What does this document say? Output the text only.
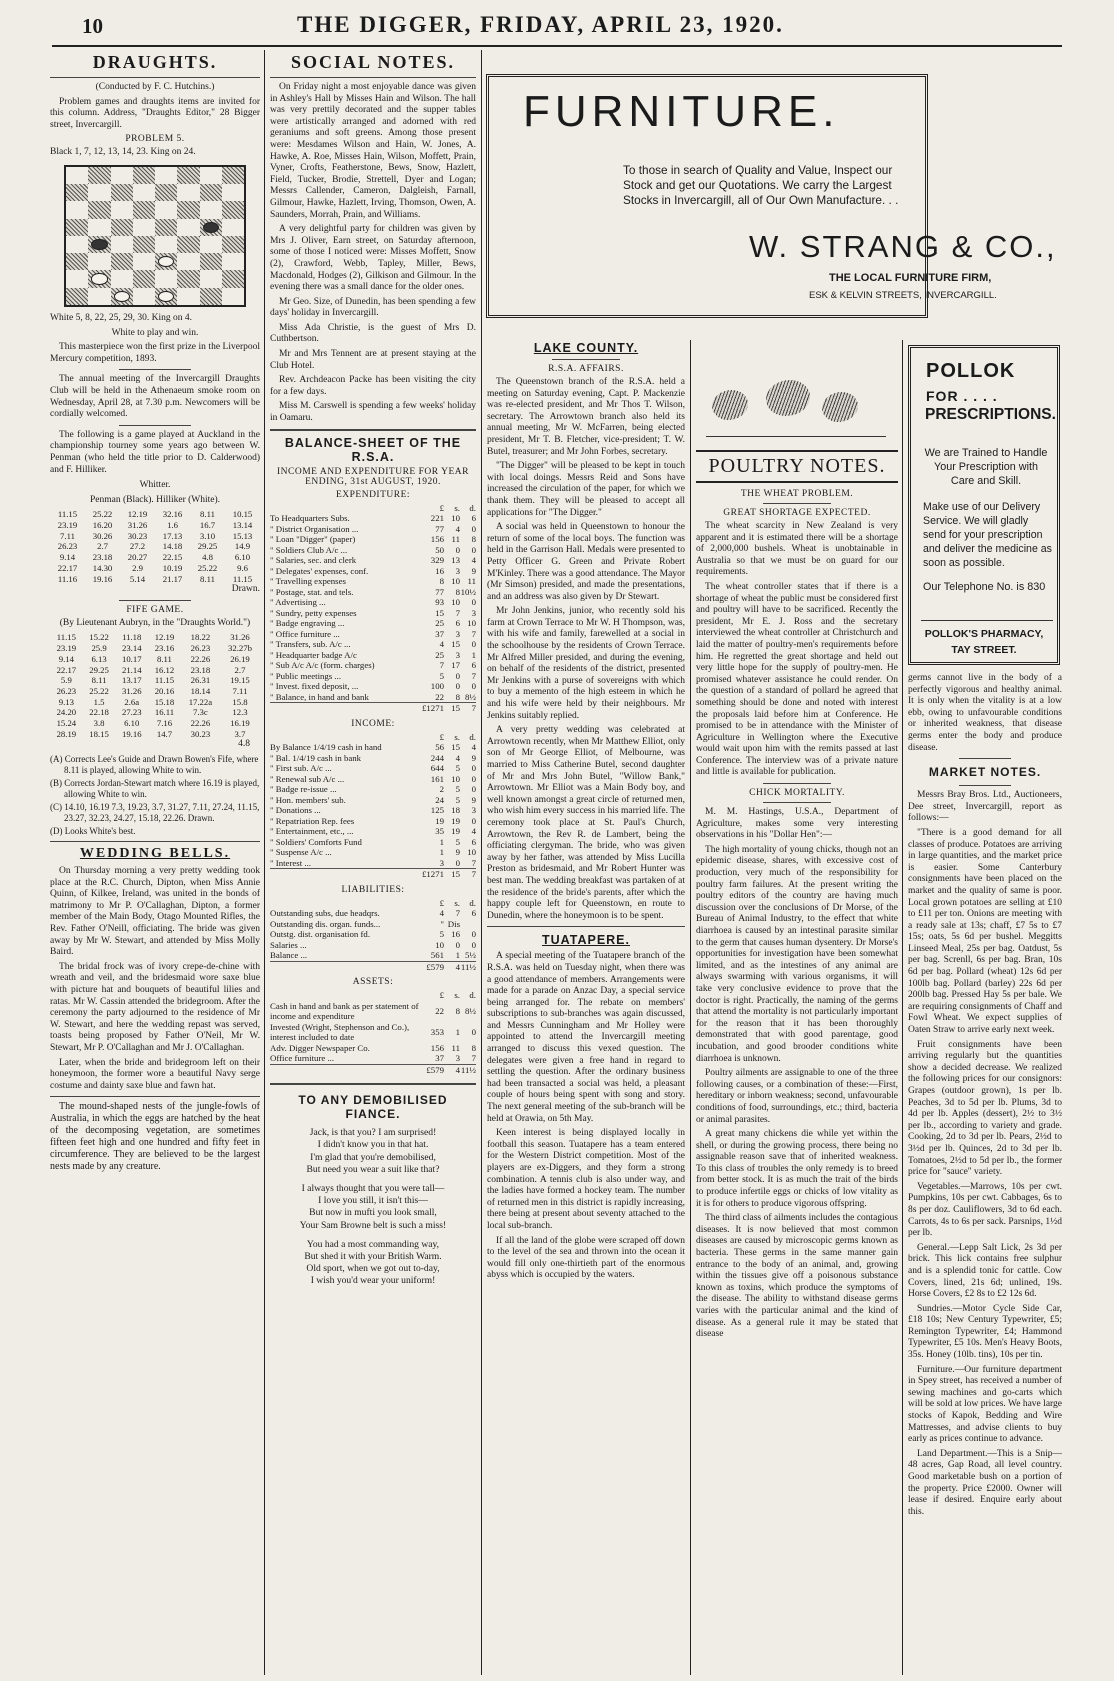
10	THE DIGGER, FRIDAY, APRIL 23, 1920.
DRAUGHTS.
(Conducted by F. C. Hutchins.)
Problem games and draughts items are invited for this column. Address, "Draughts Editor," 28 Bigger street, Invercargill.
PROBLEM 5.
Black 1, 7, 12, 13, 14, 23. King on 24.
White 5, 8, 22, 25, 29, 30. King on 4.
White to play and win.
This masterpiece won the first prize in the Liverpool Mercury competition, 1893.
The annual meeting of the Invercargill Draughts Club will be held in the Athenaeum smoke room on Wednesday, April 28, at 7.30 p.m. Newcomers will be cordially welcomed.
The following is a game played at Auckland in the championship tourney some years ago between W. Penman (who held the title prior to D. Calderwood) and F. Hilliker.
Whitter.
Penman (Black). Hilliker (White).
11.15	25.22	12.19	32.16	8.11	10.15
23.19	16.20	31.26	1.6	16.7	13.14
7.11	30.26	30.23	17.13	3.10	15.13
26.23	2.7	27.2	14.18	29.25	14.9
9.14	23.18	20.27	22.15	4.8	6.10
22.17	14.30	2.9	10.19	25.22	9.6
11.16	19.16	5.14	21.17	8.11	11.15
Drawn.
FIFE GAME.
(By Lieutenant Aubryn, in the "Draughts World.")
11.15	15.22	11.18	12.19	18.22	31.26
23.19	25.9	23.14	23.16	26.23	32.27b
9.14	6.13	10.17	8.11	22.26	26.19
22.17	29.25	21.14	16.12	23.18	2.7
5.9	8.11	13.17	11.15	26.31	19.15
26.23	25.22	31.26	20.16	18.14	7.11
9.13	1.5	2.6a	15.18	17.22a	15.8
24.20	22.18	27.23	16.11	7.3c	12.3
15.24	3.8	6.10	7.16	22.26	16.19
28.19	18.15	19.16	14.7	30.23	3.7
4.8
(A) Corrects Lee's Guide and Drawn Bowen's Fife, where 8.11 is played, allowing White to win.
(B) Corrects Jordan-Stewart match where 16.19 is played, allowing White to win.
(C) 14.10, 16.19 7.3, 19.23, 3.7, 31.27, 7.11, 27.24, 11.15, 23.27, 32.23, 24.27, 15.18, 22.26. Drawn.
(D) Looks White's best.
WEDDING BELLS.
On Thursday morning a very pretty wedding took place at the R.C. Church, Dipton, when Miss Annie Quinn, of Kilkee, Ireland, was united in the bonds of matrimony to Mr P. O'Callaghan, Dipton, a former member of the Main Body, Otago Mounted Rifles, the Rev. Father O'Neill, officiating. The bride was given away by Mr W. Stewart, and attended by Miss Molly Baird.
The bridal frock was of ivory crepe-de-chine with wreath and veil, and the bridesmaid wore saxe blue with picture hat and bouquets of beautiful lilies and ratas. Mr W. Cassin attended the bridegroom. After the ceremony the party adjourned to the residence of Mr W. Stewart, and here the wedding repast was served, toasts being proposed by Father O'Neil, Mr W. Stewart, Mr P. O'Callaghan and Mr J. O'Callaghan.
Later, when the bride and bridegroom left on their honeymoon, the former wore a beautiful Navy serge costume and dainty saxe blue and fawn hat.
The mound-shaped nests of the jungle-fowls of Australia, in which the eggs are hatched by the heat of the decomposing vegetation, are sometimes fifteen feet high and one hundred and fifty feet in circumference. They are believed to be the largest nests made by any creature.
SOCIAL NOTES.
On Friday night a most enjoyable dance was given in Ashley's Hall by Misses Hain and Wilson. The hall was very prettily decorated and the supper tables were artistically arranged and adorned with red geraniums and soft greens. Among those present were: Mesdames Wilson and Hain, W. Jones, A. Hawke, A. Roe, Misses Hain, Wilson, Moffett, Prain, Vyner, Crofts, Featherstone, Bews, Snow, Hazlett, Field, Tucker, Brodie, Strettell, Dyer and Logan; Messrs Callender, Cameron, Dalgleish, Farnall, Gilmour, Hawke, Hazlett, Irving, Thomson, Owen, A. Saunders, Morrah, Prain, and Williams.
A very delightful party for children was given by Mrs J. Oliver, Earn street, on Saturday afternoon, some of those I noticed were: Misses Moffett, Snow (2), Crawford, Webb, Tapley, Miller, Bews, Macdonald, Hodges (2), Gilkison and Gilmour. In the evening there was a small dance for the older ones.
Mr Geo. Size, of Dunedin, has been spending a few days' holiday in Invercargill.
Miss Ada Christie, is the guest of Mrs D. Cuthbertson.
Mr and Mrs Tennent are at present staying at the Club Hotel.
Rev. Archdeacon Packe has been visiting the city for a few days.
Miss M. Carswell is spending a few weeks' holiday in Oamaru.
BALANCE-SHEET OF THE R.S.A.
INCOME AND EXPENDITURE FOR YEAR ENDING, 31st AUGUST, 1920.
EXPENDITURE:
	£	s.	d.
To Headquarters Subs.	221	10	6
" District Organisation ...	77	4	0
" Loan "Digger" (paper)	156	11	8
" Soldiers Club A/c ...	50	0	0
" Salaries, sec. and clerk	329	13	4
" Delegates' expenses, conf.	16	3	9
" Travelling expenses	8	10	11
" Postage, stat. and tels.	77	8	10½
" Advertising ...	93	10	0
" Sundry, petty expenses	15	7	3
" Badge engraving ...	25	6	10
" Office furniture ...	37	3	7
" Transfers, sub. A/c ...	4	15	0
" Headquarter badge A/c	25	3	1
" Sub A/c A/c (form. charges)	7	17	6
" Public meetings ...	5	0	7
" Invest. fixed deposit, ...	100	0	0
" Balance, in hand and bank	22	8	8½
	£1271	15	7
INCOME:
	£	s.	d.
By Balance 1/4/19 cash in hand	56	15	4
" Bal. 1/4/19 cash in bank	244	4	9
" First sub. A/c ...	644	5	0
" Renewal sub A/c ...	161	10	0
" Badge re-issue ...	2	5	0
" Hon. members' sub.	24	5	9
" Donations ...	125	18	3
" Repatriation Rep. fees	19	19	0
" Entertainment, etc., ...	35	19	4
" Soldiers' Comforts Fund	1	5	6
" Suspense A/c ...	1	9	10
" Interest ...	3	0	7
	£1271	15	7
LIABILITIES:
	£	s.	d.
Outstanding subs, due headqrs.	4	7	6
Outstanding dis. organ. funds...	"	Dis	
Outstg. dist. organisation fd.	5	16	0
Salaries ...	10	0	0
Balance ...	561	1	5½
	£579	4	11½
ASSETS:
	£	s.	d.
Cash in hand and bank as per statement of income and expenditure	22	8	8½
Invested (Wright, Stephenson and Co.), interest included to date	353	1	0
Adv. Digger Newspaper Co.	156	11	8
Office furniture ...	37	3	7
	£579	4	11½
TO ANY DEMOBILISED FIANCE.
Jack, is that you? I am surprised!
I didn't know you in that hat.
I'm glad that you're demobilised,
But need you wear a suit like that?
I always thought that you were tall—
I love you still, it isn't this—
But now in mufti you look small,
Your Sam Browne belt is such a miss!
You had a most commanding way,
But shed it with your British Warm.
Old sport, when we got out to-day,
I wish you'd wear your uniform!
FURNITURE.
To those in search of Quality and Value, Inspect our Stock and get our Quotations. We carry the Largest Stocks in Invercargill, all of Our Own Manufacture. . .
W. STRANG & CO.,
THE LOCAL FURNITURE FIRM,
ESK & KELVIN STREETS, INVERCARGILL.
LAKE COUNTY.
R.S.A. AFFAIRS.
The Queenstown branch of the R.S.A. held a meeting on Saturday evening, Capt. P. Mackenzie was re-elected president, and Mr Thos T. Wilson, secretary. The Arrowtown branch also held its annual meeting, Mr W. McFarren, being elected president, Mr T. B. Fletcher, vice-president; T. W. Butel, treasurer; and Mr John Forbes, secretary.
"The Digger" will be pleased to be kept in touch with local doings. Messrs Reid and Sons have increased the circulation of the paper, for which we thank them. They will be pleased to accept all applications for "The Digger."
A social was held in Queenstown to honour the return of some of the local boys. The function was held in the Garrison Hall. Medals were presented to Petty Officer G. Green and Private Robert M'Kinley. There was a good attendance. The Mayor (Mr Simson) presided, and made the presentations, and an address was also given by Dr Stewart.
Mr John Jenkins, junior, who recently sold his farm at Crown Terrace to Mr W. H Thompson, was, with his wife and family, farewelled at a social in the schoolhouse by the residents of Crown Terrace. Mr Alfred Miller presided, and during the evening, on behalf of the residents of the district, presented Mr Jenkins with a purse of sovereigns with which to buy a memento of the high esteem in which he and his wife were held by their neighbours. Mr Jenkins suitably replied.
A very pretty wedding was celebrated at Arrowtown recently, when Mr Matthew Elliot, only son of Mr George Elliot, of Melbourne, was married to Miss Catherine Butel, second daughter of Mr and Mrs John Butel, "Willow Bank," Arrowtown. Mr Elliot was a Main Body boy, and well known amongst a great circle of returned men, who wish him every success in his married life. The ceremony took place at St. Paul's Church, Arrowtown, the Rev R. de Lambert, being the officiating clergyman. The bride, who was given away by her father, was attended by Miss Lucilla Preston as bridesmaid, and Mr Robert Hunter was best man. The wedding breakfast was partaken of at the residence of the bride's parents, after which the happy couple left for Queenstown, en route to Dunedin, where the honeymoon is to be spent.
TUATAPERE.
A special meeting of the Tuatapere branch of the R.S.A. was held on Tuesday night, when there was a good attendance of members. Arrangements were made for a parade on Anzac Day, a special service being arranged for. The rebate on members' subscriptions to sub-branches was again discussed, and Messrs Cunningham and Mr Holley were appointed to attend the Invercargill meeting arranged to discuss this vexed question. The delegates were given a free hand in regard to settling the question. After the ordinary business had been transacted a social was held, a pleasant couple of hours being spent with song and story. The next general meeting of the sub-branch will be held at Orawia, on 5th May.
Keen interest is being displayed locally in football this season. Tuatapere has a team entered for the Western District competition. Most of the players are ex-Diggers, and they form a strong combination. A tennis club is also under way, and the ladies have formed a hockey team. The number of returned men in this district is rapidly increasing, there being at present about seventy attached to the local sub-branch.
If all the land of the globe were scraped off down to the level of the sea and thrown into the ocean it would fill only one-thirtieth part of the enormous abyss which is occupied by the waters.
POULTRY NOTES.
THE WHEAT PROBLEM.
GREAT SHORTAGE EXPECTED.
The wheat scarcity in New Zealand is very apparent and it is estimated there will be a shortage of 2,000,000 bushels. Wheat is unobtainable in Australia so that we must be on guard for our requirements.
The wheat controller states that if there is a shortage of wheat the public must be considered first and poultry will have to be sacrificed. Recently the president, Mr E. J. Ross and the secretary interviewed the wheat controller at Christchurch and laid the matter of poultry-men's requirements before him. He regretted the great shortage and held out very little hope for the supply of poultry-men. He promised whatever assistance he could render. On the question of a standard of pollard he agreed that something should be done and noted with interest the proposals laid before him at Conference. He promised to be in attendance with the Minister of Agriculture in Wellington where the Executive would wait upon him with the remits passed at last Conference. The interview was of a private nature and little is available for publication.
CHICK MORTALITY.
M. M. Hastings, U.S.A., Department of Agriculture, makes some very interesting observations in his "Dollar Hen":—
The high mortality of young chicks, though not an epidemic disease, shares, with excessive cost of production, very much of the responsibility for poultry farm failures. At the present writing the poultry editors of the country are having much discussion over the conclusions of Dr Morse, of the Bureau of Animal Industry, to the effect that white diarrhoea is caused by an intestinal parasite similar to the germ that causes human dysentery. Dr Morse's opportunities for investigation have been somewhat limited, and as the intestines of any animal are always swarming with various organisms, it will take very conclusive evidence to prove that the doctor is right. Practically, the naming of the germs that attend the mortality is not particularly important for the reason that it has been thoroughly demonstrated that with good parentage, good incubation, and good brooder conditions white diarrhoea is unknown.
Poultry ailments are assignable to one of the three following causes, or a combination of these:—First, hereditary or inborn weakness; second, unfavourable conditions of food, surroundings, etc.; third, bacteria or animal parasites.
A great many chickens die while yet within the shell, or during the growing process, there being no assignable reason save that of inherited weakness. To this class of troubles the only remedy is to breed from better stock. It is as much the trait of the birds to produce infertile eggs or chicks of low vitality as it is for others to produce vigorous offspring.
The third class of ailments includes the contagious diseases. It is now believed that most common diseases are caused by microscopic germs known as bacteria. These germs in the same manner gain entrance to the body of an animal, and, growing within the tissues give off a poisonous substance known as toxins, which produce the symptoms of the disease. The ability to withstand disease germs varies with the particular animal and the kind of disease. As a general rule it may be stated that disease
POLLOK
FOR . . . .
PRESCRIPTIONS.
We are Trained to Handle Your Prescription with Care and Skill.
Make use of our Delivery Service. We will gladly send for your prescription and deliver the medicine as soon as possible.
Our Telephone No. is 830
POLLOK'S PHARMACY,
TAY STREET.
germs cannot live in the body of a perfectly vigorous and healthy animal. It is only when the vitality is at a low ebb, owing to unfavourable conditions or inherited weakness, that disease germs enter the body and produce disease.
MARKET NOTES.
Messrs Bray Bros. Ltd., Auctioneers, Dee street, Invercargill, report as follows:—
"There is a good demand for all classes of produce. Potatoes are arriving in large quantities, and the market price is easier. Some Canterbury consignments have been placed on the market and the quality of same is poor. Local grown potatoes are selling at £10 to £11 per ton. Onions are meeting with a ready sale at 13s; chaff, £7 5s to £7 15s; oats, 5s 6d per bushel. Meggitts Linseed Meal, 25s per bag. Oatdust, 5s per bag. Screnll, 6s per bag. Bran, 10s 6d per bag. Pollard (wheat) 12s 6d per 100lb bag. Pollard (barley) 22s 6d per 200lb bag. Pressed Hay 5s per bale. We are requiring consignments of Chaff and Fowl Wheat. We expect supplies of Oaten Straw to arrive early next week.
Fruit consignments have been arriving regularly but the quantities show a decided decrease. We realized the following prices for our consignors: Grapes (outdoor grown), 1s per lb. Peaches, 3d to 5d per lb. Plums, 3d to 4d per lb. Apples (dessert), 2½ to 3½ per lb., according to variety and grade. Cooking, 2d to 3d per lb. Pears, 2½d to 3½d per lb. Quinces, 2d to 3d per lb. Tomatoes, 2½d to 5d per lb., the former price for "sauce" variety.
Vegetables.—Marrows, 10s per cwt. Pumpkins, 10s per cwt. Cabbages, 6s to 8s per doz. Cauliflowers, 3d to 6d each. Carrots, 4s to 6s per sack. Parsnips, 1½d per lb.
General.—Lepp Salt Lick, 2s 3d per brick. This lick contains free sulphur and is a splendid tonic for cattle. Cow Covers, lined, 21s 6d; unlined, 19s. Horse Covers, £2 8s to £2 12s 6d.
Sundries.—Motor Cycle Side Car, £18 10s; New Century Typewriter, £5; Remington Typewriter, £4; Hammond Typewriter, £5 10s. Men's Heavy Boots, 35s. Honey (10lb. tins), 10s per tin.
Furniture.—Our furniture department in Spey street, has received a number of sewing machines and go-carts which will be sold at low prices. We have large stocks of Kapok, Bedding and Wire Mattresses, and advise clients to buy early as prices continue to advance.
Land Department.—This is a Snip—48 acres, Gap Road, all level country. Good marketable bush on a portion of the property. Price £2000. Owner will lease if desired. Enquire early about this.
